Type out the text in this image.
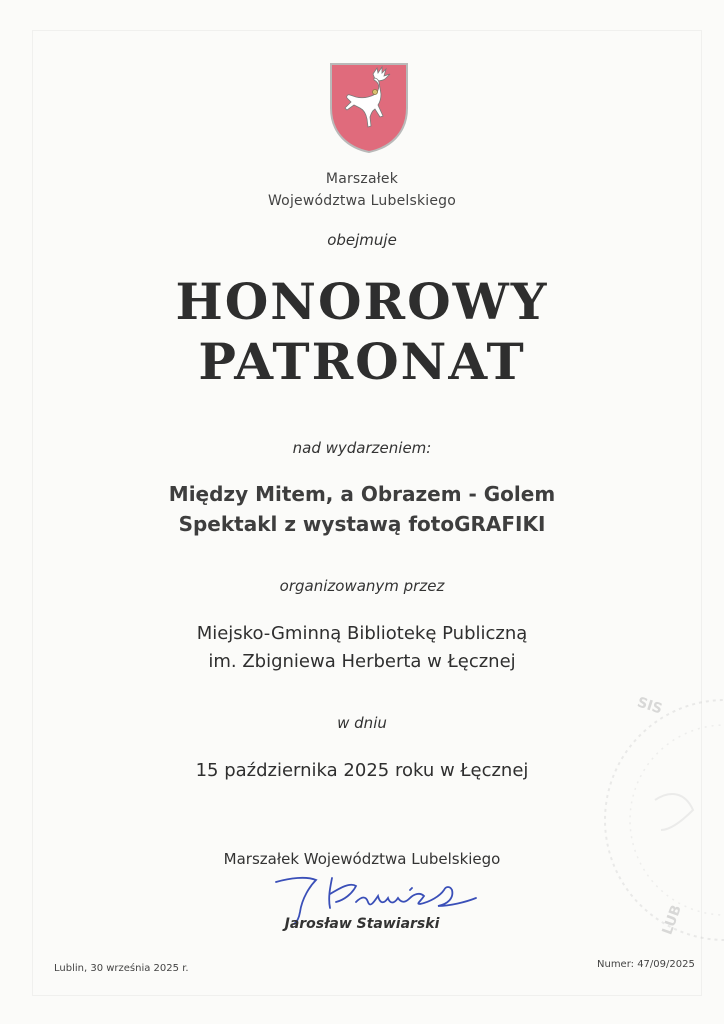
Marszałek
Województwa Lubelskiego
obejmuje
HONOROWY
PATRONAT
nad wydarzeniem:
Między Mitem, a Obrazem - Golem
Spektakl z wystawą fotoGRAFIKI
organizowanym przez
Miejsko-Gminną Bibliotekę Publiczną
im. Zbigniewa Herberta w Łęcznej
w dniu
15 października 2025 roku w Łęcznej
Marszałek Województwa Lubelskiego
Jarosław Stawiarski
Lublin, 30 września 2025 r.	Numer: 47/09/2025
SIS
LUB
